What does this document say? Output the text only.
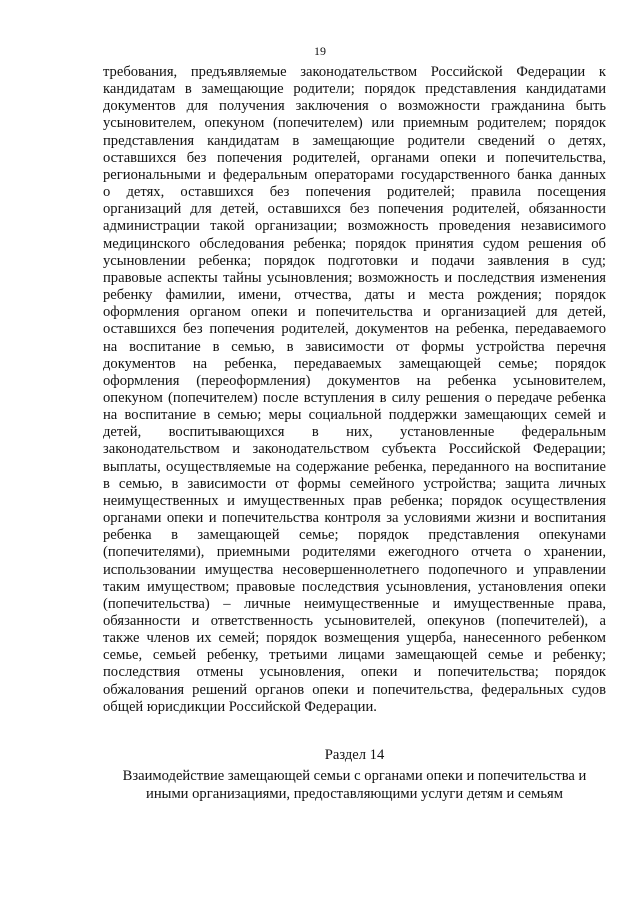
19
требования, предъявляемые законодательством Российской Федерации к
кандидатам в замещающие родители; порядок представления кандидатами
документов для получения заключения о возможности гражданина быть
усыновителем, опекуном (попечителем) или приемным родителем; порядок
представления кандидатам в замещающие родители сведений о детях,
оставшихся без попечения родителей, органами опеки и попечительства,
региональными и федеральным операторами государственного банка данных
о детях, оставшихся без попечения родителей; правила посещения
организаций для детей, оставшихся без попечения родителей, обязанности
администрации такой организации; возможность проведения независимого
медицинского обследования ребенка; порядок принятия судом решения об
усыновлении ребенка; порядок подготовки и подачи заявления в суд;
правовые аспекты тайны усыновления; возможность и последствия изменения
ребенку фамилии, имени, отчества, даты и места рождения; порядок
оформления органом опеки и попечительства и организацией для детей,
оставшихся без попечения родителей, документов на ребенка, передаваемого
на воспитание в семью, в зависимости от формы устройства перечня
документов на ребенка, передаваемых замещающей семье; порядок
оформления (переоформления) документов на ребенка усыновителем,
опекуном (попечителем) после вступления в силу решения о передаче ребенка
на воспитание в семью; меры социальной поддержки замещающих семей и
детей, воспитывающихся в них, установленные федеральным
законодательством и законодательством субъекта Российской Федерации;
выплаты, осуществляемые на содержание ребенка, переданного на воспитание
в семью, в зависимости от формы семейного устройства; защита личных
неимущественных и имущественных прав ребенка; порядок осуществления
органами опеки и попечительства контроля за условиями жизни и воспитания
ребенка в замещающей семье; порядок представления опекунами
(попечителями), приемными родителями ежегодного отчета о хранении,
использовании имущества несовершеннолетнего подопечного и управлении
таким имуществом; правовые последствия усыновления, установления опеки
(попечительства) – личные неимущественные и имущественные права,
обязанности и ответственность усыновителей, опекунов (попечителей), а
также членов их семей; порядок возмещения ущерба, нанесенного ребенком
семье, семьей ребенку, третьими лицами замещающей семье и ребенку;
последствия отмены усыновления, опеки и попечительства; порядок
обжалования решений органов опеки и попечительства, федеральных судов
общей юрисдикции Российской Федерации.
Раздел 14
Взаимодействие замещающей семьи с органами опеки и попечительства и
иными организациями, предоставляющими услуги детям и семьям
